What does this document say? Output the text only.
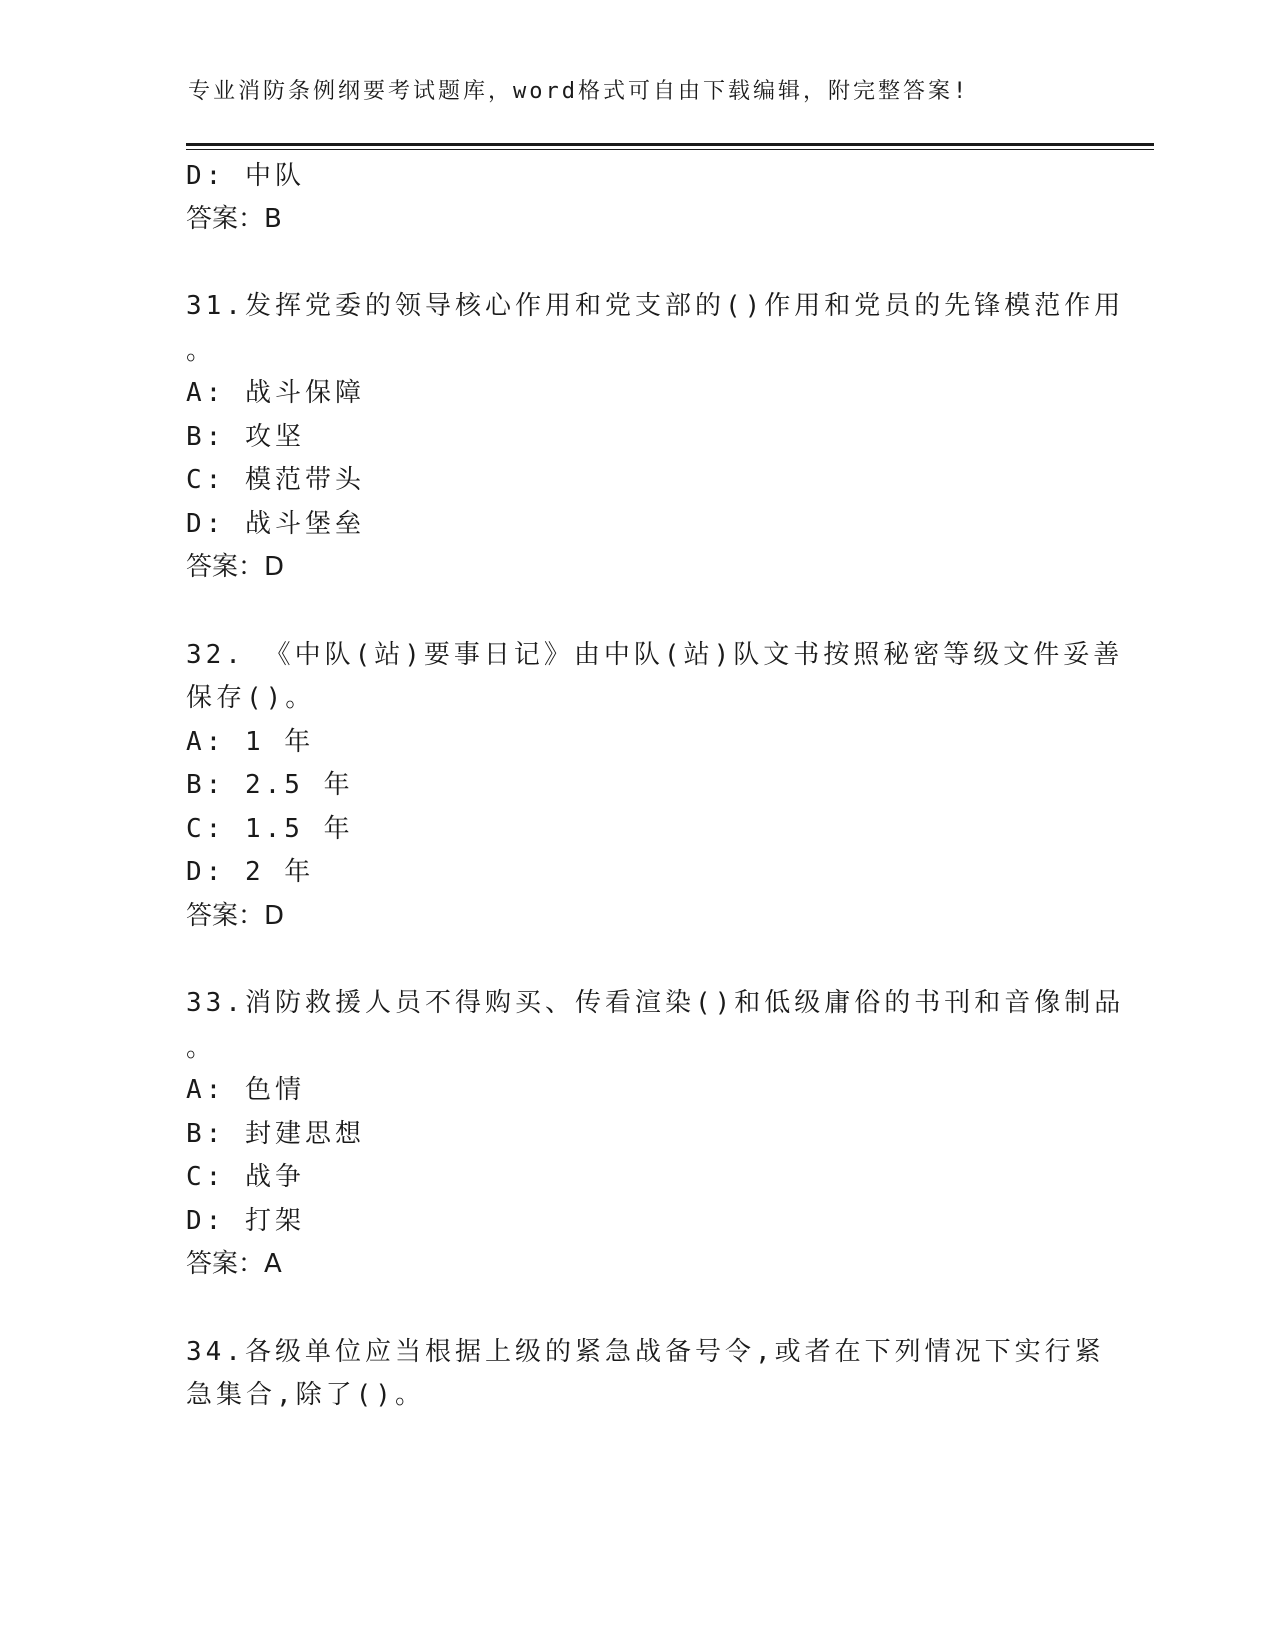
专业消防条例纲要考试题库，word格式可自由下载编辑，附完整答案!
D: 中队
答案：B
31.发挥党委的领导核心作用和党支部的()作用和党员的先锋模范作用
。
A: 战斗保障
B: 攻坚
C: 模范带头
D: 战斗堡垒
答案：D
32. 《中队(站)要事日记》由中队(站)队文书按照秘密等级文件妥善
保存()。
A: 1 年
B: 2.5 年
C: 1.5 年
D: 2 年
答案：D
33.消防救援人员不得购买、传看渲染()和低级庸俗的书刊和音像制品
。
A: 色情
B: 封建思想
C: 战争
D: 打架
答案：A
34.各级单位应当根据上级的紧急战备号令,或者在下列情况下实行紧
急集合,除了()。
